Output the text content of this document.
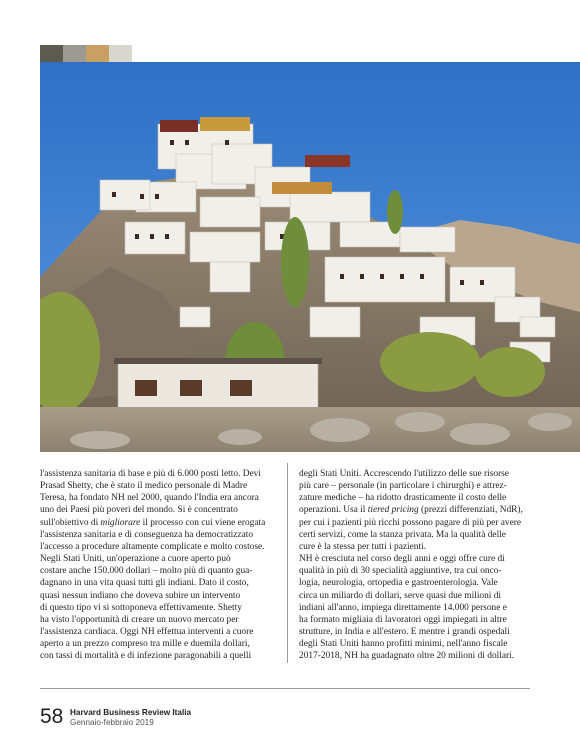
l'assistenza sanitaria di base e più di 6.000 posti letto. Devi

Prasad Shetty, che è stato il medico personale di Madre

Teresa, ha fondato NH nel 2000, quando l'India era ancora

uno dei Paesi più poveri del mondo. Si è concentrato

sull'obiettivo di migliorare il processo con cui viene erogata

l'assistenza sanitaria e di conseguenza ha democratizzato

l'accesso a procedure altamente complicate e molto costose.

Negli Stati Uniti, un'operazione a cuore aperto può

costare anche 150.000 dollari – molto più di quanto gua-

dagnano in una vita quasi tutti gli indiani. Dato il costo,

quasi nessun indiano che doveva subire un intervento

di questo tipo vi si sottoponeva effettivamente. Shetty

ha visto l'opportunità di creare un nuovo mercato per

l'assistenza cardiaca. Oggi NH effettua interventi a cuore

aperto a un prezzo compreso tra mille e duemila dollari,

con tassi di mortalità e di infezione paragonabili a quelli

degli Stati Uniti. Accrescendo l'utilizzo delle sue risorse

più care – personale (in particolare i chirurghi) e attrez-

zature mediche – ha ridotto drasticamente il costo delle

operazioni. Usa il tiered pricing (prezzi differenziati, NdR),

per cui i pazienti più ricchi possono pagare di più per avere

certi servizi, come la stanza privata. Ma la qualità delle

cure è la stessa per tutti i pazienti.

NH è cresciuta nel corso degli anni e oggi offre cure di

qualità in più di 30 specialità aggiuntive, tra cui onco-

logia, neurologia, ortopedia e gastroenterologia. Vale

circa un miliardo di dollari, serve quasi due milioni di

indiani all'anno, impiega direttamente 14.000 persone e

ha formato migliaia di lavoratori oggi impiegati in altre

strutture, in India e all'estero. E mentre i grandi ospedali

degli Stati Uniti hanno profitti minimi, nell'anno fiscale

2017-2018, NH ha guadagnato oltre 20 milioni di dollari.

58 Harvard Business Review Italia
Gennaio-febbraio 2019
